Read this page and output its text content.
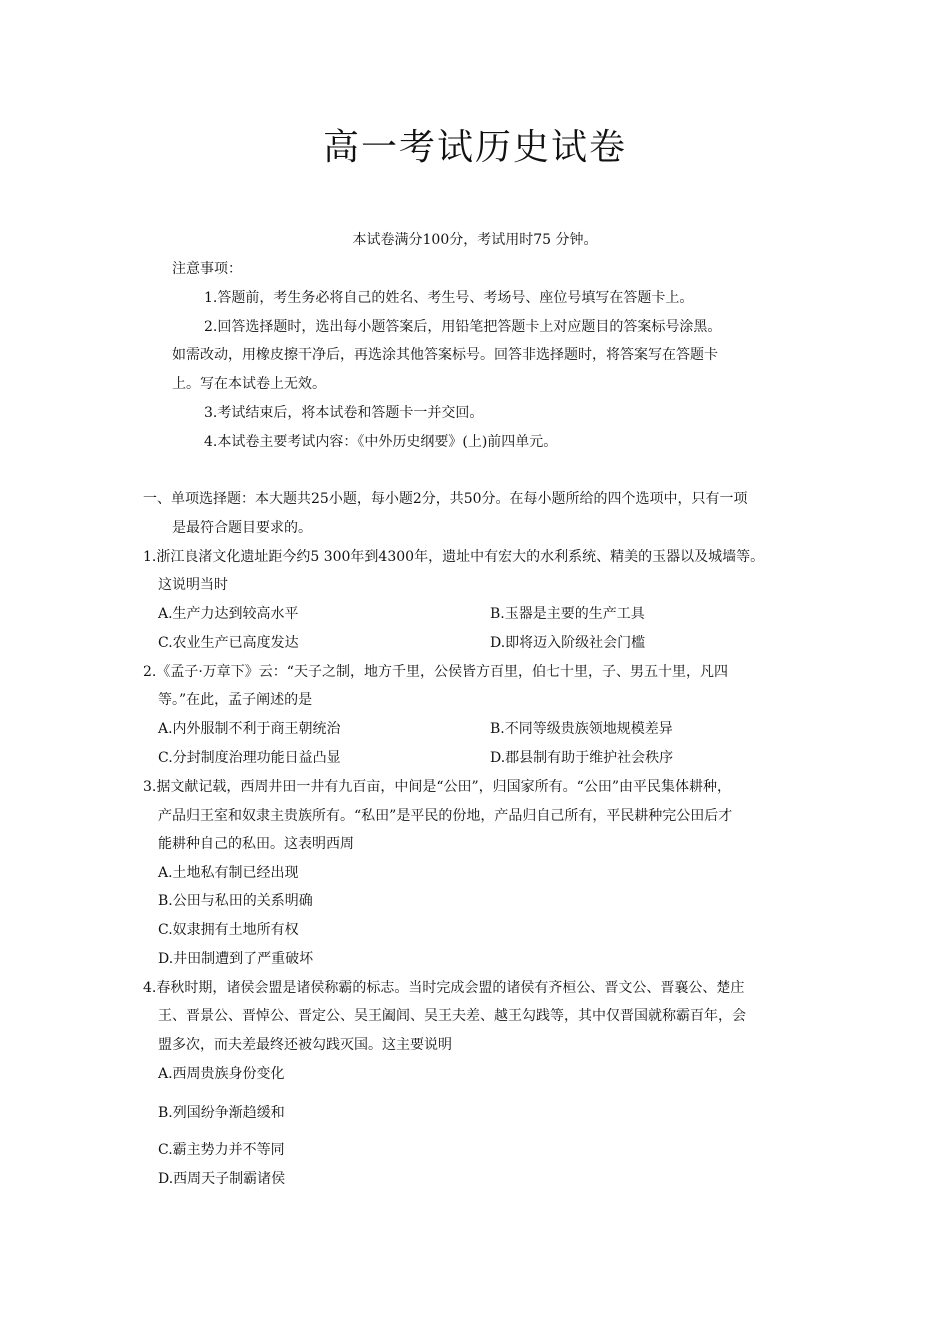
高一考试历史试卷
本试卷满分100分，考试用时75 分钟。
注意事项：
1.答题前，考生务必将自己的姓名、考生号、考场号、座位号填写在答题卡上。
2.回答选择题时，选出每小题答案后，用铅笔把答题卡上对应题目的答案标号涂黑。
如需改动，用橡皮擦干净后，再选涂其他答案标号。回答非选择题时，将答案写在答题卡
上。写在本试卷上无效。
3.考试结束后，将本试卷和答题卡一并交回。
4.本试卷主要考试内容：《中外历史纲要》(上)前四单元。
一、单项选择题：本大题共25小题，每小题2分，共50分。在每小题所给的四个选项中，只有一项
是最符合题目要求的。
1.浙江良渚文化遗址距今约5 300年到4300年，遗址中有宏大的水利系统、精美的玉器以及城墙等。
这说明当时
A.生产力达到较高水平	B.玉器是主要的生产工具
C.农业生产已高度发达	D.即将迈入阶级社会门槛
2.《孟子·万章下》云：“天子之制，地方千里，公侯皆方百里，伯七十里，子、男五十里，凡四
等。”在此，孟子阐述的是
A.内外服制不利于商王朝统治	B.不同等级贵族领地规模差异
C.分封制度治理功能日益凸显	D.郡县制有助于维护社会秩序
3.据文献记载，西周井田一井有九百亩，中间是“公田”，归国家所有。“公田”由平民集体耕种，
产品归王室和奴隶主贵族所有。“私田”是平民的份地，产品归自己所有，平民耕种完公田后才
能耕种自己的私田。这表明西周
A.土地私有制已经出现
B.公田与私田的关系明确
C.奴隶拥有土地所有权
D.井田制遭到了严重破坏
4.春秋时期，诸侯会盟是诸侯称霸的标志。当时完成会盟的诸侯有齐桓公、晋文公、晋襄公、楚庄
王、晋景公、晋悼公、晋定公、吴王阖闾、吴王夫差、越王勾践等，其中仅晋国就称霸百年，会
盟多次，而夫差最终还被勾践灭国。这主要说明
A.西周贵族身份变化
B.列国纷争渐趋缓和
C.霸主势力并不等同
D.西周天子制霸诸侯
